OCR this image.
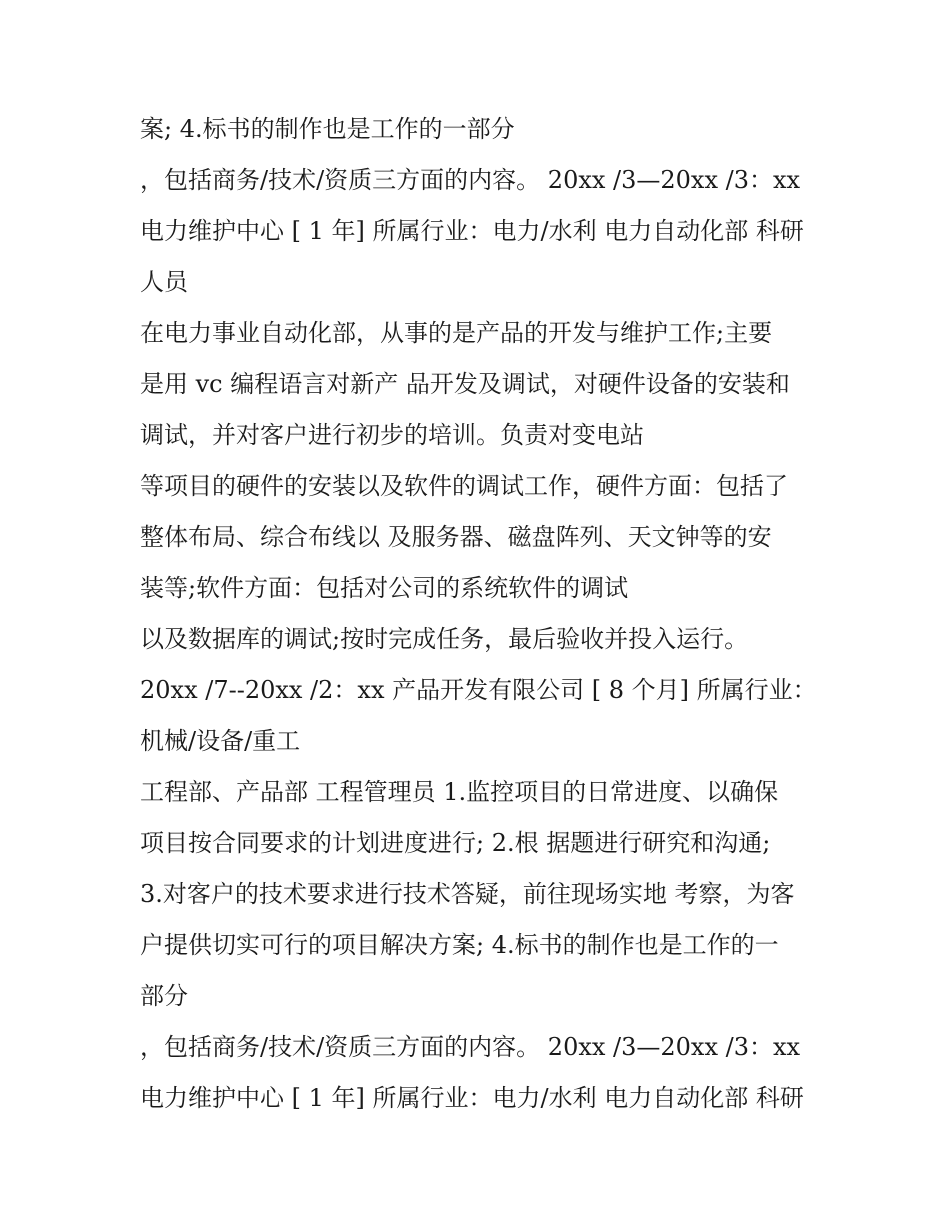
案; 4.标书的制作也是工作的一部分
，包括商务/技术/资质三方面的内容。 20xx /3—20xx /3：xx
电力维护中心 [ 1 年] 所属行业：电力/水利 电力自动化部 科研
人员
在电力事业自动化部，从事的是产品的开发与维护工作;主要
是用 vc 编程语言对新产 品开发及调试，对硬件设备的安装和
调试，并对客户进行初步的培训。负责对变电站
等项目的硬件的安装以及软件的调试工作，硬件方面：包括了
整体布局、综合布线以 及服务器、磁盘阵列、天文钟等的安
装等;软件方面：包括对公司的系统软件的调试
以及数据库的调试;按时完成任务，最后验收并投入运行。
20xx /7--20xx /2：xx 产品开发有限公司 [ 8 个月] 所属行业：
机械/设备/重工
工程部、产品部 工程管理员 1.监控项目的日常进度、以确保
项目按合同要求的计划进度进行; 2.根 据题进行研究和沟通;
3.对客户的技术要求进行技术答疑，前往现场实地 考察，为客
户提供切实可行的项目解决方案; 4.标书的制作也是工作的一
部分
，包括商务/技术/资质三方面的内容。 20xx /3—20xx /3：xx
电力维护中心 [ 1 年] 所属行业：电力/水利 电力自动化部 科研
